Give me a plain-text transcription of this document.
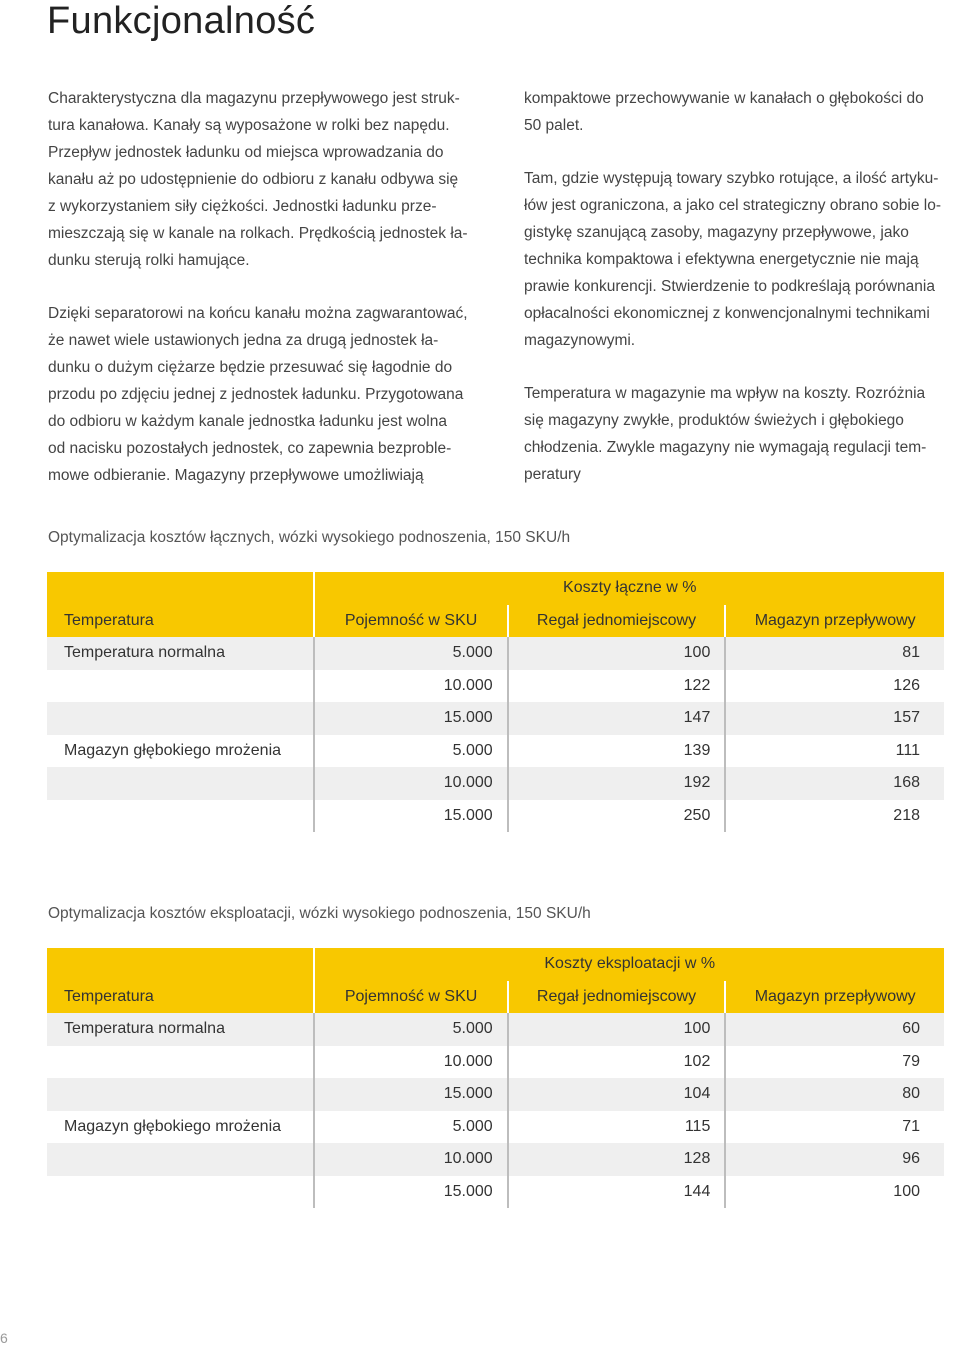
Funkcjonalność

Charakterystyczna dla magazynu przepływowego jest struk-
tura kanałowa. Kanały są wyposażone w rolki bez napędu.
Przepływ jednostek ładunku od miejsca wprowadzania do
kanału aż po udostępnienie do odbioru z kanału odbywa się
z wykorzystaniem siły ciężkości. Jednostki ładunku prze-
mieszczają się w kanale na rolkach. Prędkością jednostek ła-
dunku sterują rolki hamujące.

Dzięki separatorowi na końcu kanału można zagwarantować,
że nawet wiele ustawionych jedna za drugą jednostek ła-
dunku o dużym ciężarze będzie przesuwać się łagodnie do
przodu po zdjęciu jednej z jednostek ładunku. Przygotowana
do odbioru w każdym kanale jednostka ładunku jest wolna
od nacisku pozostałych jednostek, co zapewnia bezproble-
mowe odbieranie. Magazyny przepływowe umożliwiają

kompaktowe przechowywanie w kanałach o głębokości do
50 palet.

Tam, gdzie występują towary szybko rotujące, a ilość artyku-
łów jest ograniczona, a jako cel strategiczny obrano sobie lo-
gistykę szanującą zasoby, magazyny przepływowe, jako
technika kompaktowa i efektywna energetycznie nie mają
prawie konkurencji. Stwierdzenie to podkreślają porównania
opłacalności ekonomicznej z konwencjonalnymi technikami
magazynowymi.

Temperatura w magazynie ma wpływ na koszty. Rozróżnia
się magazyny zwykłe, produktów świeżych i głębokiego
chłodzenia. Zwykle magazyny nie wymagają regulacji tem-
peratury

Optymalizacja kosztów łącznych, wózki wysokiego podnoszenia, 150 SKU/h
	Koszty łączne w %		
Temperatura	Pojemność w SKU	Regał jednomiejscowy	Magazyn przepływowy
Temperatura normalna	5.000	100	81
	10.000	122	126
	15.000	147	157
Magazyn głębokiego mrożenia	5.000	139	111
	10.000	192	168
	15.000	250	218
Optymalizacja kosztów eksploatacji, wózki wysokiego podnoszenia, 150 SKU/h
	Koszty eksploatacji w %		
Temperatura	Pojemność w SKU	Regał jednomiejscowy	Magazyn przepływowy
Temperatura normalna	5.000	100	60
	10.000	102	79
	15.000	104	80
Magazyn głębokiego mrożenia	5.000	115	71
	10.000	128	96
	15.000	144	100
6
